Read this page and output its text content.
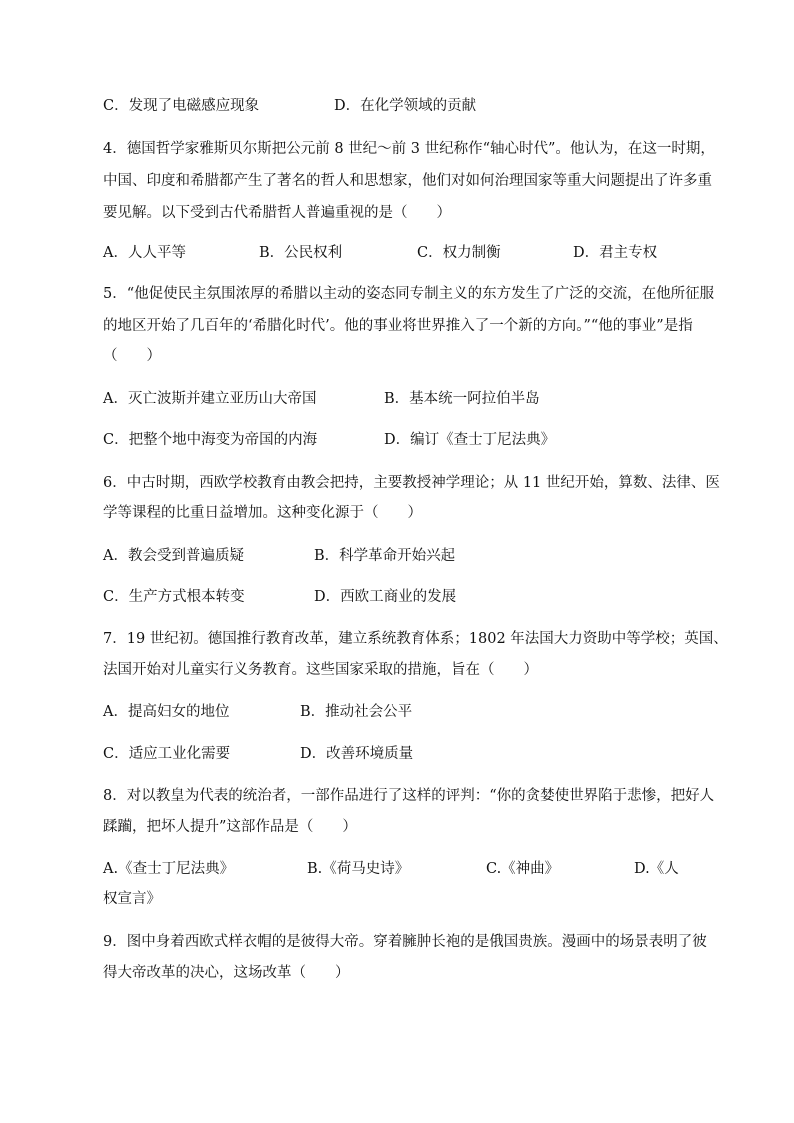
C．发现了电磁感应现象	D．在化学领域的贡献
4．德国哲学家雅斯贝尔斯把公元前 8 世纪～前 3 世纪称作“轴心时代”。他认为，在这一时期，
中国、印度和希腊都产生了著名的哲人和思想家，他们对如何治理国家等重大问题提出了许多重
要见解。以下受到古代希腊哲人普遍重视的是（　　）
A．人人平等	B．公民权利	C．权力制衡	D．君主专权
5．“他促使民主氛围浓厚的希腊以主动的姿态同专制主义的东方发生了广泛的交流，在他所征服
的地区开始了几百年的‘希腊化时代’。他的事业将世界推入了一个新的方向。”“他的事业”是指
（　　）
A．灭亡波斯并建立亚历山大帝国	B．基本统一阿拉伯半岛
C．把整个地中海变为帝国的内海	D．编订《查士丁尼法典》
6．中古时期，西欧学校教育由教会把持，主要教授神学理论；从 11 世纪开始，算数、法律、医
学等课程的比重日益增加。这种变化源于（　　）
A．教会受到普遍质疑	B．科学革命开始兴起
C．生产方式根本转变	D．西欧工商业的发展
7．19 世纪初。德国推行教育改革，建立系统教育体系；1802 年法国大力资助中等学校；英国、
法国开始对儿童实行义务教育。这些国家采取的措施，旨在（　　）
A．提高妇女的地位	B．推动社会公平
C．适应工业化需要	D．改善环境质量
8．对以教皇为代表的统治者，一部作品进行了这样的评判：“你的贪婪使世界陷于悲惨，把好人
蹂躏，把坏人提升”这部作品是（　　）
A.《查士丁尼法典》	B.《荷马史诗》	C.《神曲》	D.《人
权宣言》
9．图中身着西欧式样衣帽的是彼得大帝。穿着臃肿长袍的是俄国贵族。漫画中的场景表明了彼
得大帝改革的决心，这场改革（　　）
